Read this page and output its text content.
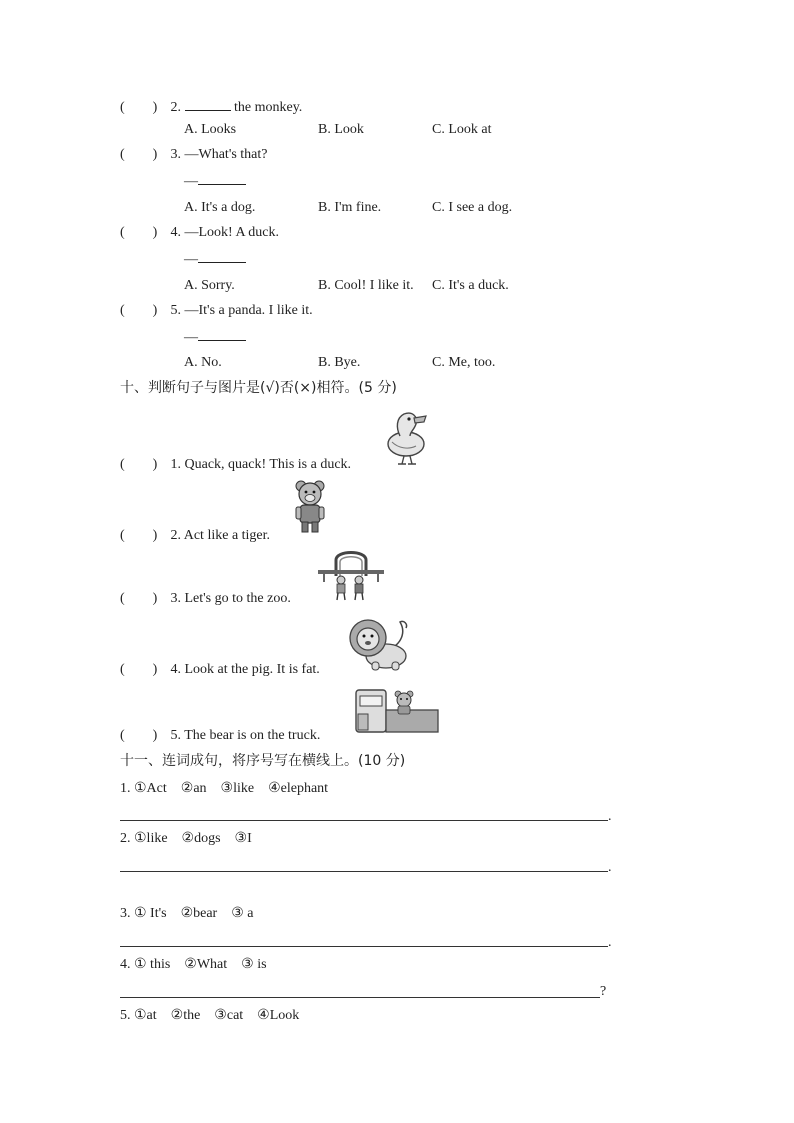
(　　) 2.	the monkey.
A. Looks	B. Look	C. Look at
(　　) 3. —What's that?
—
A. It's a dog.	B. I'm fine.	C. I see a dog.
(　　) 4. —Look! A duck.
—
A. Sorry.	B. Cool! I like it. C. It's a duck.
(　　) 5. —It's a panda. I like it.
—
A. No.	B. Bye.	C. Me, too.
十、判断句子与图片是(√)否(×)相符。(5 分)
(　　) 1. Quack, quack! This is a duck.
(　　) 2. Act like a tiger.
(　　) 3. Let's go to the zoo.
(　　) 4. Look at the pig. It is fat.
(　　) 5. The bear is on the truck.
十一、连词成句，将序号写在横线上。(10 分)
1. ①Act　②an　③like　④elephant
.
2. ①like　②dogs　③I
.
3. ① It's　②bear　③ a
.
4. ① this　②What　③ is
?
5. ①at　②the　③cat　④Look
